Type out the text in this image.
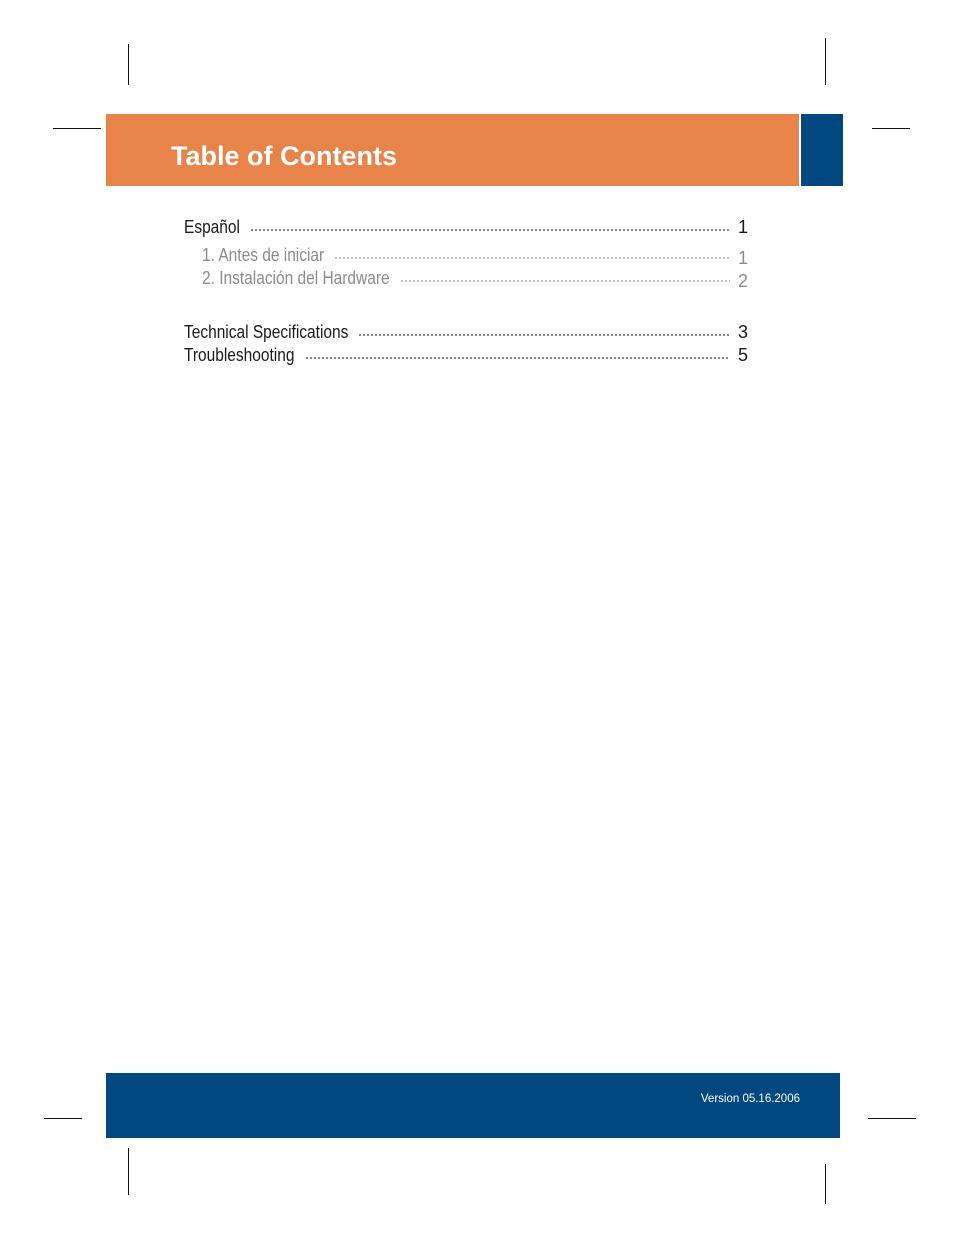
Table of Contents
Español	1
1. Antes de iniciar	1
2. Instalación del Hardware	2
Technical Specifications	3
Troubleshooting	5
Version 05.16.2006
